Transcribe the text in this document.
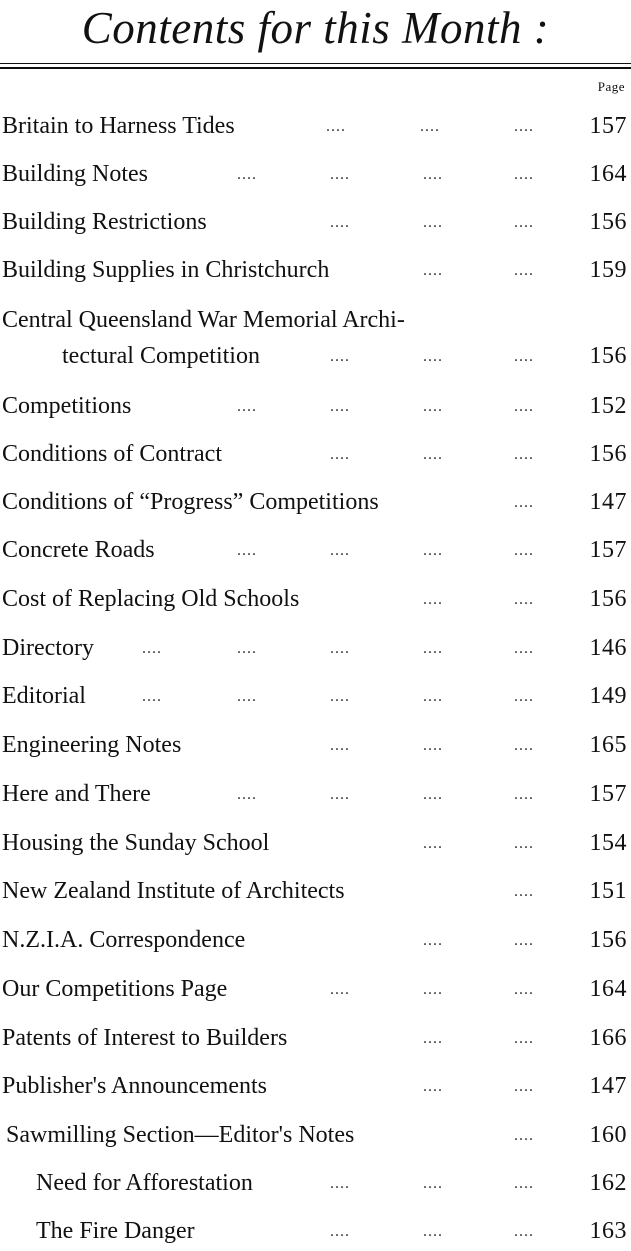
Contents for this Month :
Page
Britain to Harness Tides	....	....	.... 157
Building Notes	....	....	....	.... 164
Building Restrictions	....	....	.... 156
Building Supplies in Christchurch	....	.... 159
Central Queensland War Memorial Archi-
tectural Competition	....	....	.... 156
Competitions	....	....	....	.... 152
Conditions of Contract	....	....	.... 156
Conditions of “Progress” Competitions	.... 147
Concrete Roads	....	....	....	.... 157
Cost of Replacing Old Schools	....	.... 156
Directory	....	....	....	....	.... 146
Editorial	....	....	....	....	.... 149
Engineering Notes	....	....	.... 165
Here and There	....	....	....	.... 157
Housing the Sunday School	....	.... 154
New Zealand Institute of Architects	.... 151
N.Z.I.A. Correspondence	....	.... 156
Our Competitions Page	....	....	.... 164
Patents of Interest to Builders	....	.... 166
Publisher's Announcements	....	.... 147
Sawmilling Section—Editor's Notes	.... 160
Need for Afforestation	....	....	.... 162
The Fire Danger	....	....	.... 163
